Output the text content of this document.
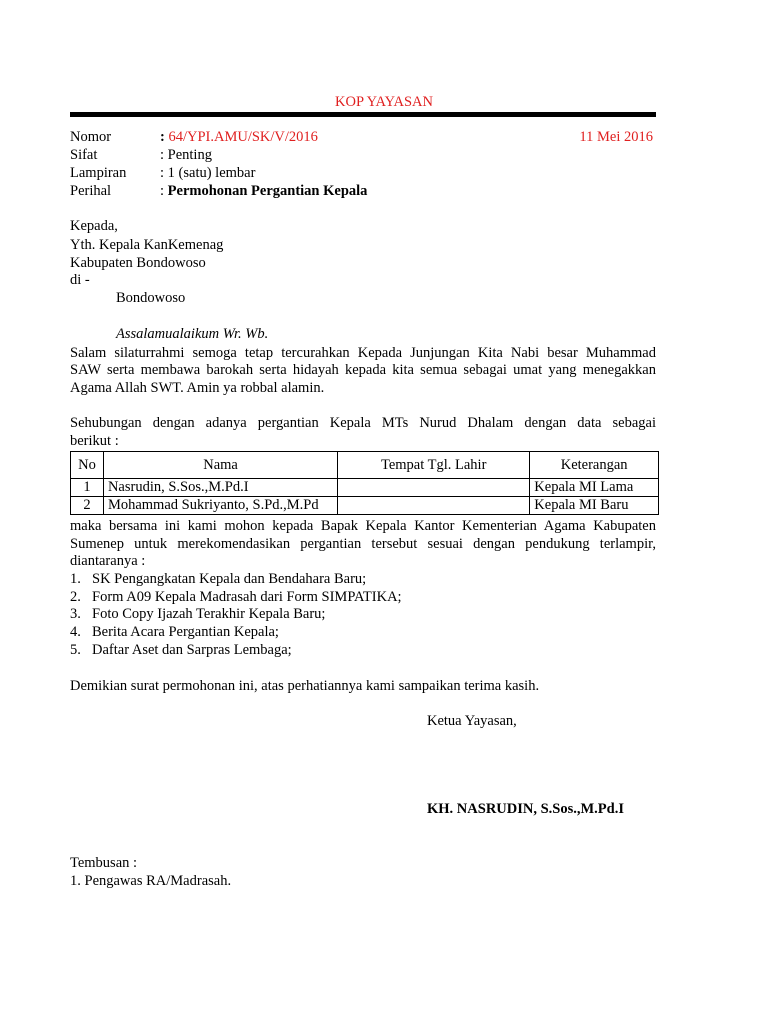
KOP YAYASAN
Nomor	: 64/YPI.AMU/SK/V/2016	11 Mei 2016
Sifat	: Penting
Lampiran : 1 (satu) lembar
Perihal	: Permohonan Pergantian Kepala
Kepada,
Yth. Kepala KanKemenag
Kabupaten Bondowoso
di -
Bondowoso
Assalamualaikum Wr. Wb.
Salam silaturrahmi semoga tetap tercurahkan Kepada Junjungan Kita Nabi besar Muhammad
SAW serta membawa barokah serta hidayah kepada kita semua sebagai umat yang menegakkan
Agama Allah SWT. Amin ya robbal alamin.
Sehubungan dengan adanya pergantian Kepala MTs Nurud Dhalam dengan data sebagai
berikut :
No	Nama	Tempat Tgl. Lahir	Keterangan
1	Nasrudin, S.Sos.,M.Pd.I		Kepala MI Lama
2	Mohammad Sukriyanto, S.Pd.,M.Pd		Kepala MI Baru
maka bersama ini kami mohon kepada Bapak Kepala Kantor Kementerian Agama Kabupaten
Sumenep untuk merekomendasikan pergantian tersebut sesuai dengan pendukung terlampir,
diantaranya :
1. SK Pengangkatan Kepala dan Bendahara Baru;
2. Form A09 Kepala Madrasah dari Form SIMPATIKA;
3. Foto Copy Ijazah Terakhir Kepala Baru;
4. Berita Acara Pergantian Kepala;
5. Daftar Aset dan Sarpras Lembaga;
Demikian surat permohonan ini, atas perhatiannya kami sampaikan terima kasih.
Ketua Yayasan,
KH. NASRUDIN, S.Sos.,M.Pd.I
Tembusan :
1. Pengawas RA/Madrasah.
